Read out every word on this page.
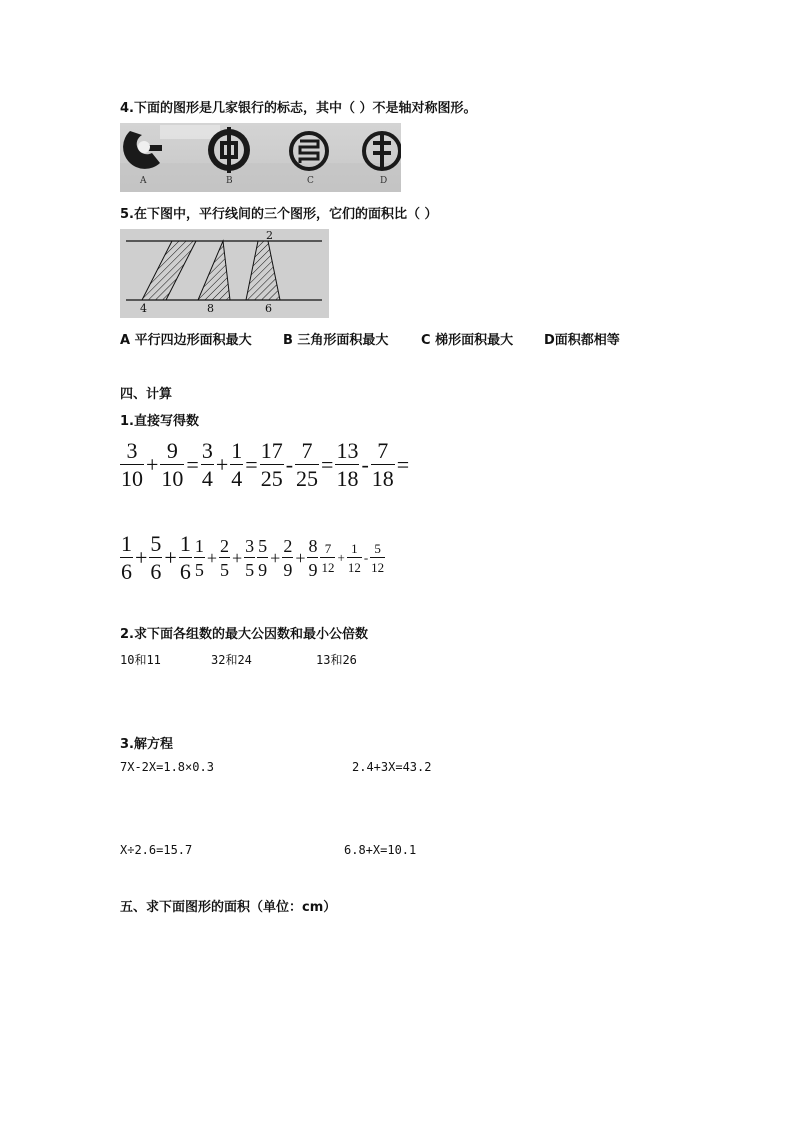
4.下面的图形是几家银行的标志，其中（ ）不是轴对称图形。
A	B	C	D
5.在下图中，平行线间的三个图形，它们的面积比（ ）
2
4	8	6
A 平行四边形面积最大 B 三角形面积最大	C 梯形面积最大 D面积都相等
四、计算
1.直接写得数
$\frac{3}{10} + \frac{9}{10} = \frac{3}{4} + \frac{1}{4} = \frac{17}{25} - \frac{7}{25} = \frac{13}{18} - \frac{7}{18}$ =
$\frac{1}{6} + \frac{5}{6} + \frac{1}{6} \frac{1}{5} + \frac{2}{5} + \frac{3}{5} \frac{5}{9} + \frac{2}{9} + \frac{8}{9} \frac{7}{12} + \frac{1}{12} - \frac{5}{12}$
2.求下面各组数的最大公因数和最小公倍数
10和11	32和24	13和26
3.解方程
7X-2X=1.8×0.3	2.4+3X=43.2
X÷2.6=15.7	6.8+X=10.1
五、求下面图形的面积（单位：cm）
